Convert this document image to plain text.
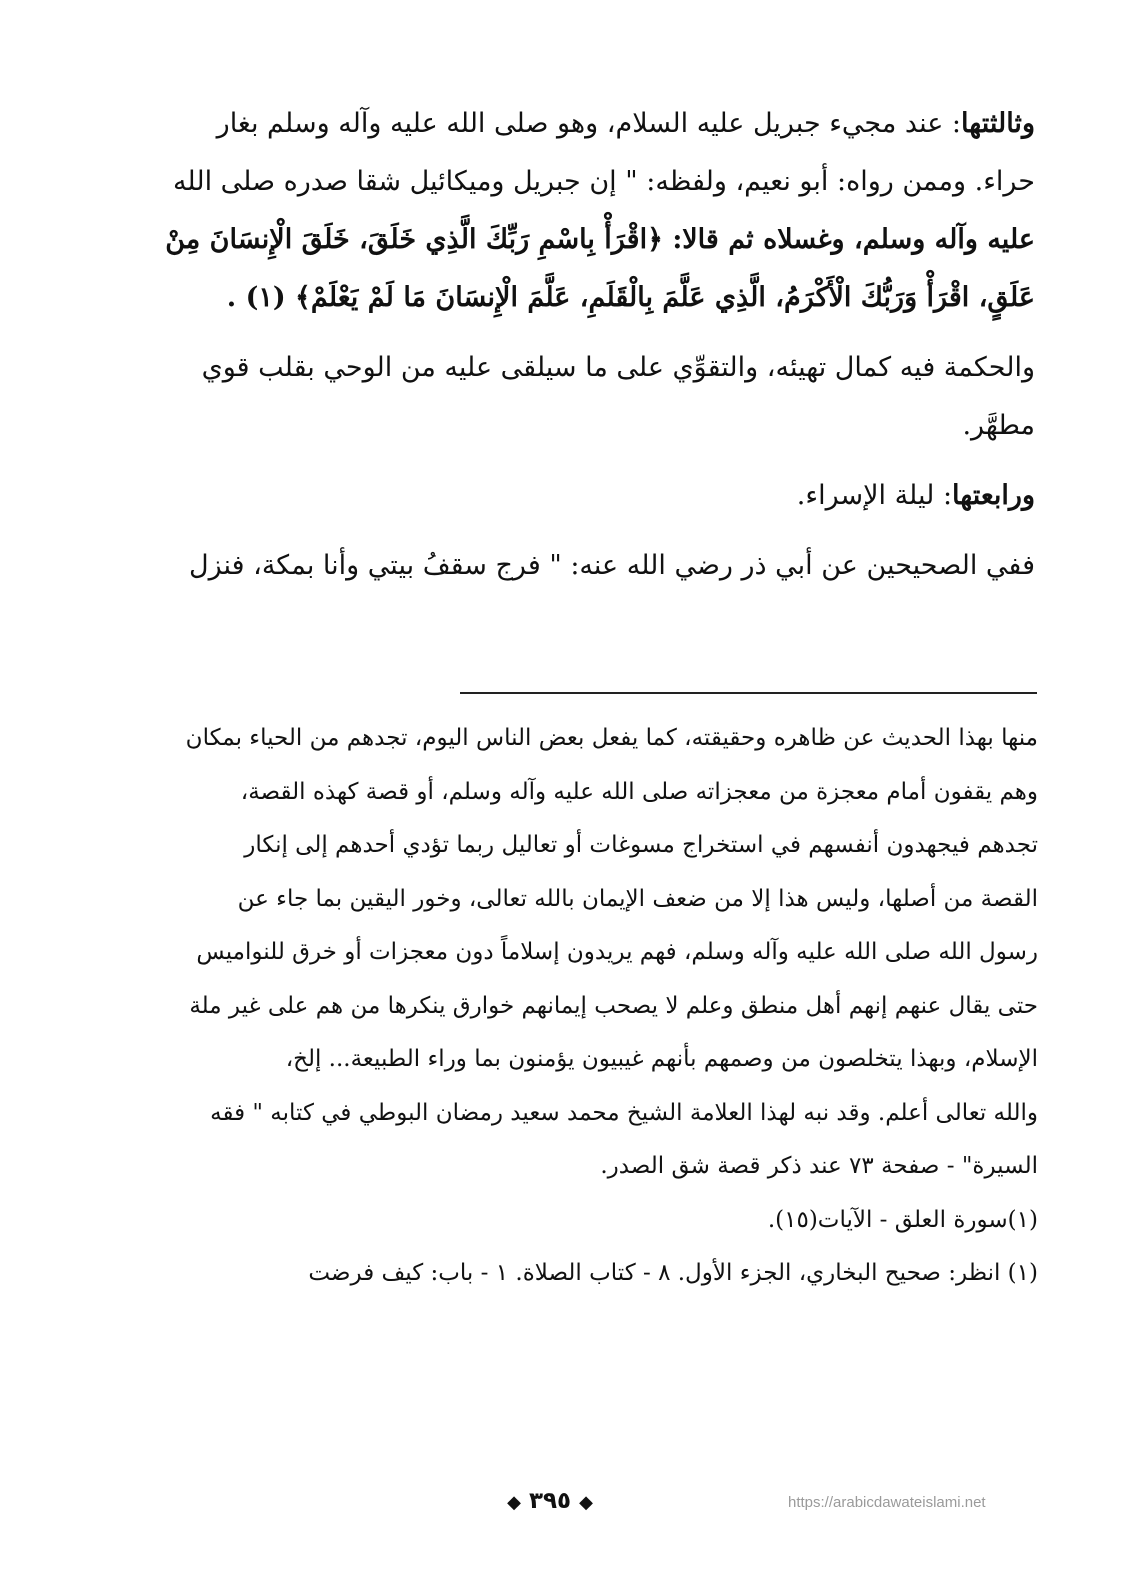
وثالثتها: عند مجيء جبريل عليه السلام، وهو صلى الله عليه وآله وسلم بغار
حراء. وممن رواه: أبو نعيم، ولفظه: " إن جبريل وميكائيل شقا صدره صلى الله
عليه وآله وسلم، وغسلاه ثم قالا: ﴿اقْرَأْ بِاسْمِ رَبِّكَ الَّذِي خَلَقَ، خَلَقَ الْإِنسَانَ مِنْ
عَلَقٍ، اقْرَأْ وَرَبُّكَ الْأَكْرَمُ، الَّذِي عَلَّمَ بِالْقَلَمِ، عَلَّمَ الْإِنسَانَ مَا لَمْ يَعْلَمْ﴾ (١) .
والحكمة فيه كمال تهيئه، والتقوِّي على ما سيلقى عليه من الوحي بقلب قوي
مطهَّر.
ورابعتها: ليلة الإسراء.
ففي الصحيحين عن أبي ذر رضي الله عنه: " فرج سقفُ بيتي وأنا بمكة، فنزل
منها بهذا الحديث عن ظاهره وحقيقته، كما يفعل بعض الناس اليوم، تجدهم من الحياء بمكان
وهم يقفون أمام معجزة من معجزاته صلى الله عليه وآله وسلم، أو قصة كهذه القصة،
تجدهم فيجهدون أنفسهم في استخراج مسوغات أو تعاليل ربما تؤدي أحدهم إلى إنكار
القصة من أصلها، وليس هذا إلا من ضعف الإيمان بالله تعالى، وخور اليقين بما جاء عن
رسول الله صلى الله عليه وآله وسلم، فهم يريدون إسلاماً دون معجزات أو خرق للنواميس
حتى يقال عنهم إنهم أهل منطق وعلم لا يصحب إيمانهم خوارق ينكرها من هم على غير ملة
الإسلام، وبهذا يتخلصون من وصمهم بأنهم غيبيون يؤمنون بما وراء الطبيعة... إلخ،
والله تعالى أعلم. وقد نبه لهذا العلامة الشيخ محمد سعيد رمضان البوطي في كتابه " فقه
السيرة" - صفحة ٧٣ عند ذكر قصة شق الصدر.
(١)سورة العلق - الآيات(١٥).
(١) انظر: صحيح البخاري، الجزء الأول. ٨ - كتاب الصلاة. ١ - باب: كيف فرضت
◆ ٣٩٥ ◆	https://arabicdawateislami.net
